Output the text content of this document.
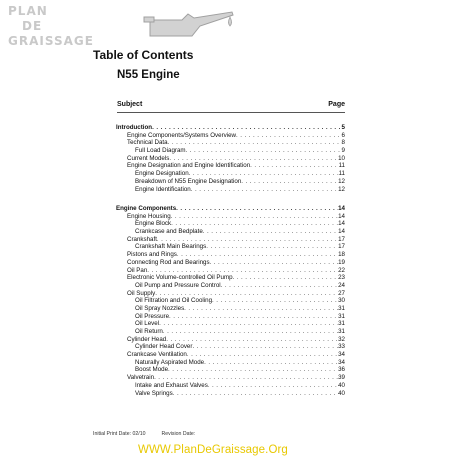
PLAN
DE
GRAISSAGE
Table of Contents
N55 Engine
Subject	Page
Introduction . . .	5
Engine Components/Systems Overview . . .	6
Technical Data . . .	8
Full Load Diagram . . .	9
Current Models . . .	10
Engine Designation and Engine Identification . . .	11
Engine Designation . . .	11
Breakdown of N55 Engine Designation . . .	12
Engine Identification . . .	12
Engine Components . . .	14
Engine Housing . . .	14
Engine Block . . .	14
Crankcase and Bedplate . . .	14
Crankshaft . . .	17
Crankshaft Main Bearings . . .	17
Pistons and Rings . . .	18
Connecting Rod and Bearings . . .	19
Oil Pan . . .	22
Electronic Volume-controlled Oil Pump . . .	23
Oil Pump and Pressure Control . . .	24
Oil Supply . . .	27
Oil Filtration and Oil Cooling . . .	30
Oil Spray Nozzles . . .	31
Oil Pressure . . .	31
Oil Level . . .	31
Oil Return . . .	31
Cylinder Head . . .	32
Cylinder Head Cover . . .	33
Crankcase Ventilation . . .	34
Naturally Aspirated Mode . . .	34
Boost Mode . . .	36
Valvetrain . . .	39
Intake and Exhaust Valves . . .	40
Valve Springs . . .	40
Initial Print Date: 02/10	Revision Date:
WWW.PlanDeGraissage.Org
